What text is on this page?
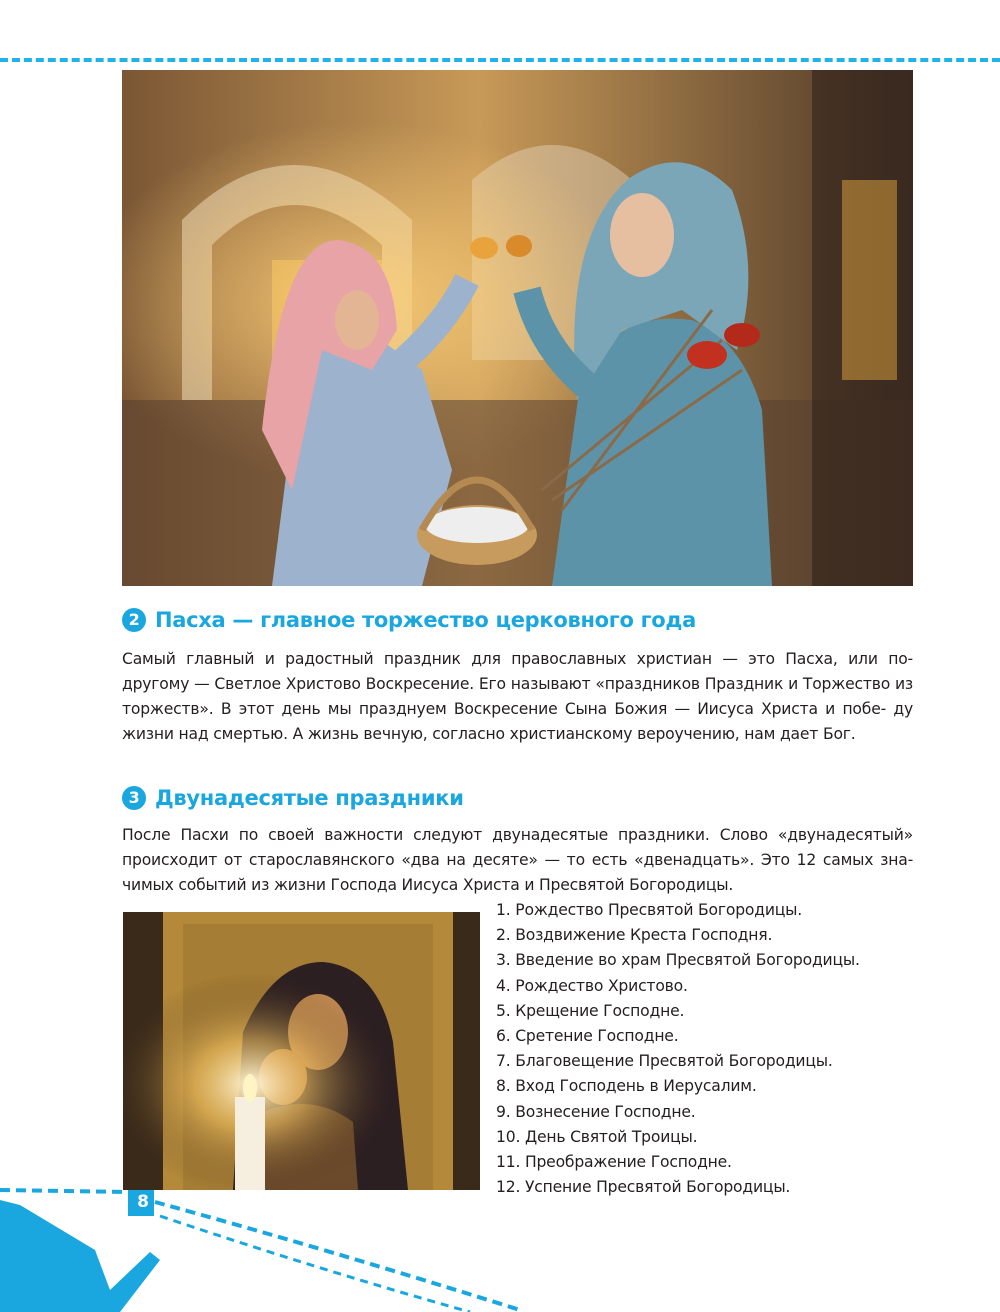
2 Пасха — главное торжество церковного года

Самый главный и радостный праздник для православных христиан — это Пасха, или по- другому — Светлое Христово Воскресение. Его называют «праздников Праздник и Торжество из торжеств». В этот день мы празднуем Воскресение Сына Божия — Иисуса Христа и побе- ду жизни над смертью. А жизнь вечную, согласно христианскому вероучению, нам дает Бог.

3 Двунадесятые праздники

После Пасхи по своей важности следуют двунадесятые праздники. Слово «двунадесятый» происходит от старославянского «два на десяте» — то есть «двенадцать». Это 12 самых зна- чимых событий из жизни Господа Иисуса Христа и Пресвятой Богородицы.

1. Рождество Пресвятой Богородицы.
2. Воздвижение Креста Господня.
3. Введение во храм Пресвятой Богородицы.
4. Рождество Христово.
5. Крещение Господне.
6. Сретение Господне.
7. Благовещение Пресвятой Богородицы.
8. Вход Господень в Иерусалим.
9. Вознесение Господне.
10. День Святой Троицы.
11. Преображение Господне.
12. Успение Пресвятой Богородицы.
8
